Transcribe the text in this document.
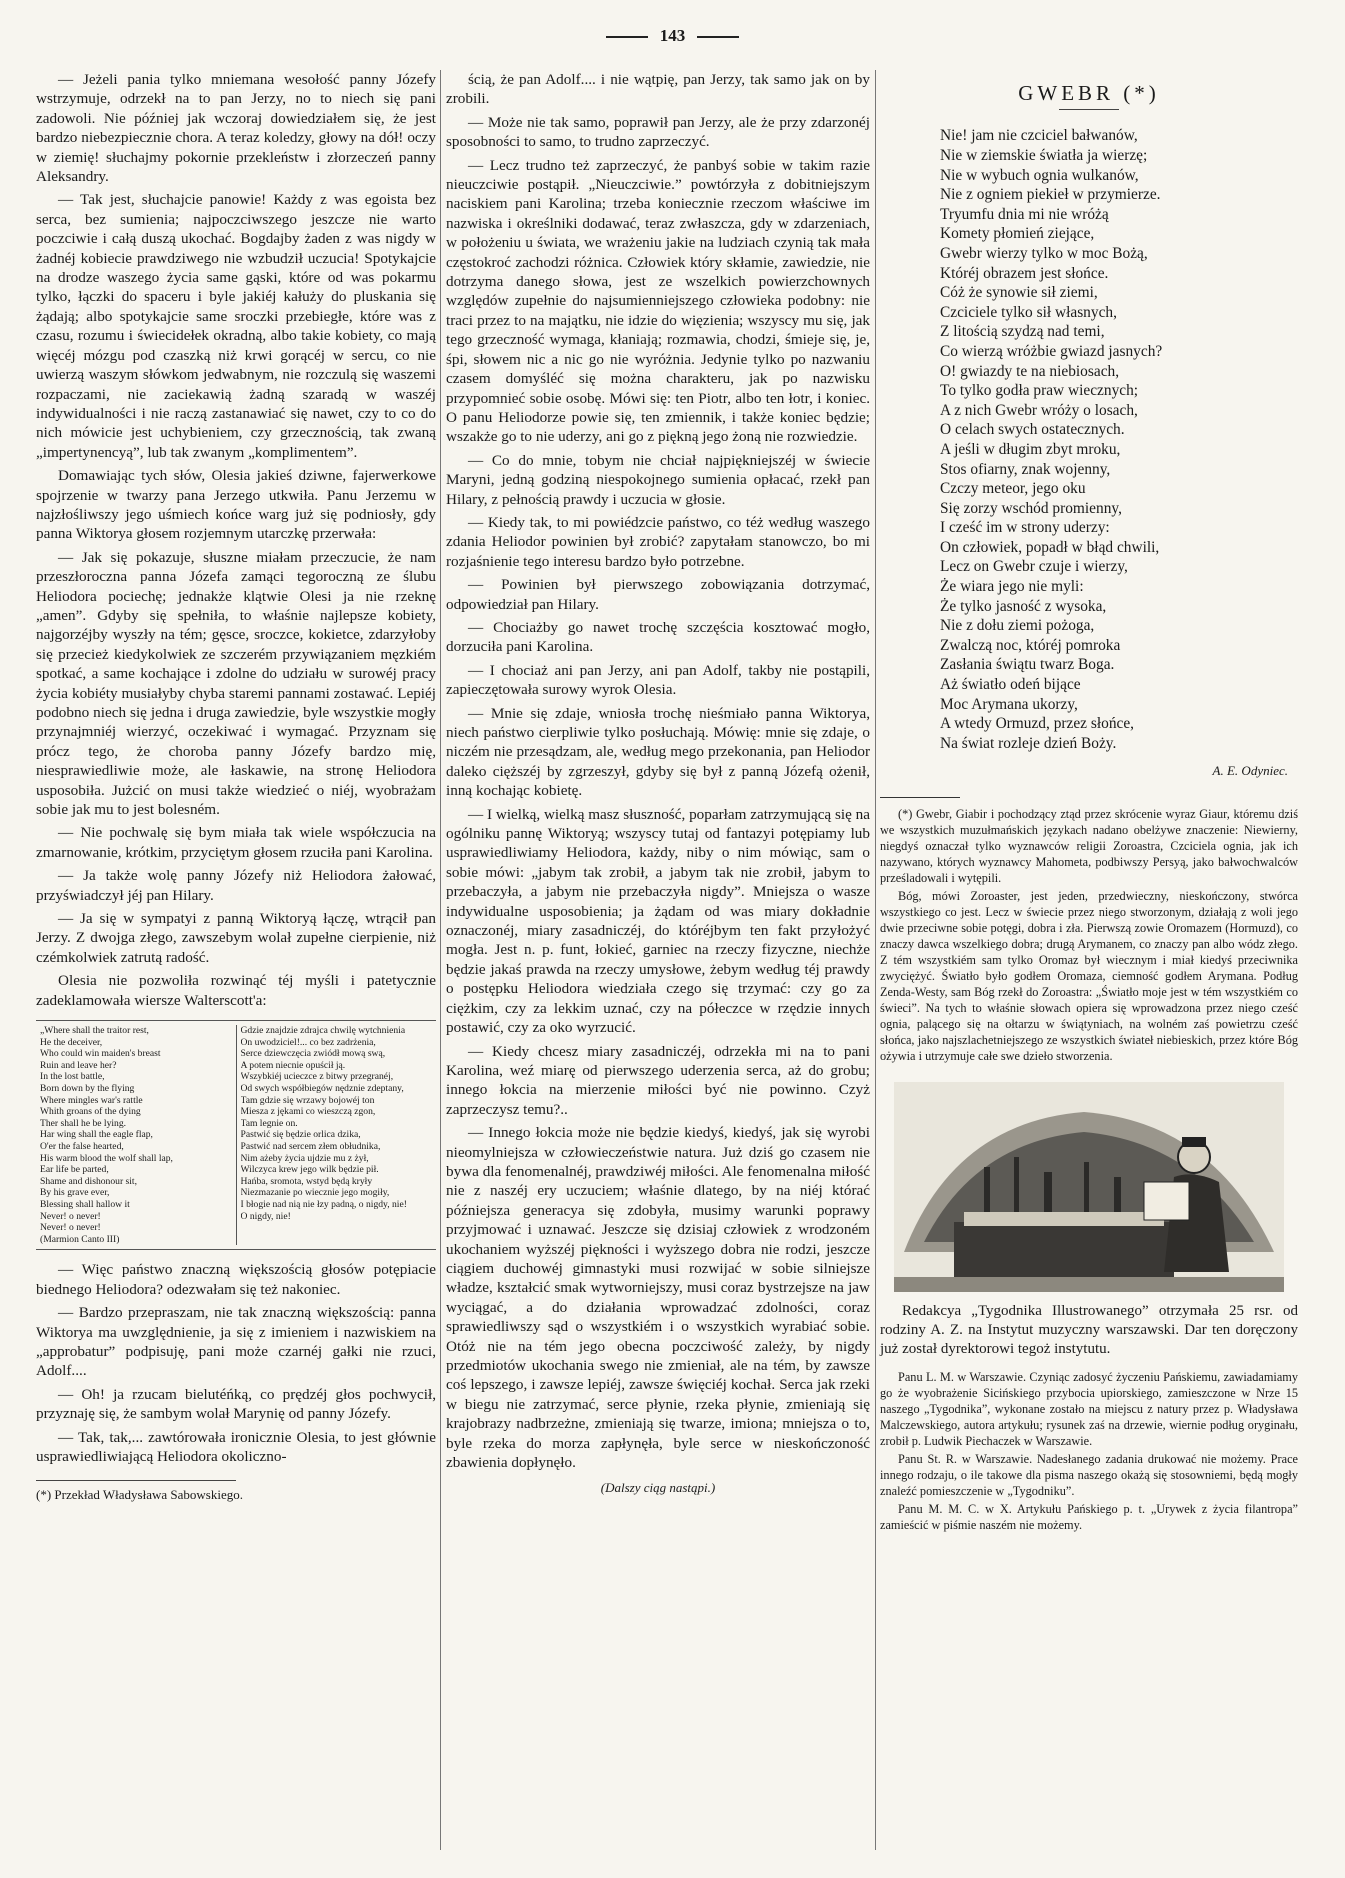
143

— Jeżeli pania tylko mniemana wesołość panny Józefy wstrzymuje, odrzekł na to pan Jerzy, no to niech się pani zadowoli. Nie później jak wczoraj dowiedziałem się, że jest bardzo niebezpiecznie chora. A teraz koledzy, głowy na dół! oczy w ziemię! słuchajmy pokornie przekleństw i złorzeczeń panny Aleksandry.

— Tak jest, słuchajcie panowie! Każdy z was egoista bez serca, bez sumienia; najpoczciwszego jeszcze nie warto poczciwie i całą duszą ukochać. Bogdajby żaden z was nigdy w żadnéj kobiecie prawdziwego nie wzbudził uczucia! Spotykajcie na drodze waszego życia same gąski, które od was pokarmu tylko, łączki do spaceru i byle jakiéj kałuży do pluskania się żądają; albo spotykajcie same sroczki przebiegłe, które was z czasu, rozumu i świecidełek okradną, albo takie kobiety, co mają więcéj mózgu pod czaszką niż krwi gorącéj w sercu, co nie uwierzą waszym słówkom jedwabnym, nie rozczulą się waszemi rozpaczami, nie zaciekawią żadną szaradą w waszéj indywidualności i nie raczą zastanawiać się nawet, czy to co do nich mówicie jest uchybieniem, czy grzecznością, tak zwaną „impertynencyą”, lub tak zwanym „komplimentem”.

Domawiając tych słów, Olesia jakieś dziwne, fajerwerkowe spojrzenie w twarzy pana Jerzego utkwiła. Panu Jerzemu w najzłośliwszy jego uśmiech końce warg już się podniosły, gdy panna Wiktorya głosem rozjemnym utarczkę przerwała:

— Jak się pokazuje, słuszne miałam przeczucie, że nam przeszłoroczna panna Józefa zamąci tegoroczną ze ślubu Heliodora pociechę; jednakże klątwie Olesi ja nie rzeknę „amen”. Gdyby się spełniła, to właśnie najlepsze kobiety, najgorzéjby wyszły na tém; gęsce, sroczce, kokietce, zdarzyłoby się przecież kiedykolwiek ze szczerém przywiązaniem męzkiém spotkać, a same kochające i zdolne do udziału w surowéj pracy życia kobiéty musiałyby chyba staremi pannami zostawać. Lepiéj podobno niech się jedna i druga zawiedzie, byle wszystkie mogły przynajmniéj wierzyć, oczekiwać i wymagać. Przyznam się prócz tego, że choroba panny Józefy bardzo mię, niesprawiedliwie może, ale łaskawie, na stronę Heliodora usposobiła. Jużcić on musi także wiedzieć o niéj, wyobrażam sobie jak mu to jest bolesném.

— Nie pochwalę się bym miała tak wiele współczucia na zmarnowanie, krótkim, przyciętym głosem rzuciła pani Karolina.

— Ja także wolę panny Józefy niż Heliodora żałować, przyświadczył jéj pan Hilary.

— Ja się w sympatyi z panną Wiktoryą łączę, wtrącił pan Jerzy. Z dwojga złego, zawszebym wolał zupełne cierpienie, niż czémkolwiek zatrutą radość.

Olesia nie pozwoliła rozwinąć téj myśli i patetycznie zadeklamowała wiersze Walterscott'a:

„Where shall the traitor rest,
He the deceiver,
Who could win maiden's breast
Ruin and leave her?
In the lost battle,
Born down by the flying
Where mingles war's rattle
Whith groans of the dying
Ther shall he be lying.
Har wing shall the eagle flap,
O'er the false hearted,
His warm blood the wolf shall lap,
Ear life be parted,
Shame and dishonour sit,
By his grave ever,
Blessing shall hallow it
Never! o never!
Never! o never!
(Marmion Canto III)
Gdzie znajdzie zdrajca chwilę wytchnienia
On uwodziciel!... co bez zadrżenia,
Serce dziewczęcia zwiódł mową swą,
A potem niecnie opuścił ją.
Wszybkiéj ucieczce z bitwy przegranéj,
Od swych współbiegów nędznie zdeptany,
Tam gdzie się wrzawy bojowéj ton
Miesza z jękami co wieszczą zgon,
Tam legnie on.
Pastwić się będzie orlica dzika,
Pastwić nad sercem złem obłudnika,
Nim ażeby życia ujdzie mu z żył,
Wilczyca krew jego wilk będzie pił.
Hańba, sromota, wstyd będą kryły
Niezmazanie po wiecznie jego mogiły,
I błogie nad nią nie łzy padną, o nigdy, nie!
O nigdy, nie!

— Więc państwo znaczną większością głosów potępiacie biednego Heliodora? odezwałam się też nakoniec.

— Bardzo przepraszam, nie tak znaczną większością: panna Wiktorya ma uwzględnienie, ja się z imieniem i nazwiskiem na „approbatur” podpisuję, pani może czarnéj gałki nie rzuci, Adolf....

— Oh! ja rzucam bielutéńką, co prędzéj głos pochwycił, przyznaję się, że sambym wolał Marynię od panny Józefy.

— Tak, tak,... zawtórowała ironicznie Olesia, to jest głównie usprawiedliwiającą Heliodora okoliczno-

(*) Przekład Władysława Sabowskiego.

ścią, że pan Adolf.... i nie wątpię, pan Jerzy, tak samo jak on by zrobili.

— Może nie tak samo, poprawił pan Jerzy, ale że przy zdarzonéj sposobności to samo, to trudno zaprzeczyć.

— Lecz trudno też zaprzeczyć, że panbyś sobie w takim razie nieuczciwie postąpił. „Nieuczciwie.” powtórzyła z dobitniejszym naciskiem pani Karolina; trzeba koniecznie rzeczom właściwe im nazwiska i określniki dodawać, teraz zwłaszcza, gdy w zdarzeniach, w położeniu u świata, we wrażeniu jakie na ludziach czynią tak mała częstokroć zachodzi różnica. Człowiek który skłamie, zawiedzie, nie dotrzyma danego słowa, jest ze wszelkich powierzchownych względów zupełnie do najsumienniejszego człowieka podobny: nie traci przez to na majątku, nie idzie do więzienia; wszyscy mu się, jak tego grzeczność wymaga, kłaniają; rozmawia, chodzi, śmieje się, je, śpi, słowem nic a nic go nie wyróżnia. Jedynie tylko po nazwaniu czasem domyśléć się można charakteru, jak po nazwisku przypomnieć sobie osobę. Mówi się: ten Piotr, albo ten łotr, i koniec. O panu Heliodorze powie się, ten zmiennik, i także koniec będzie; wszakże go to nie uderzy, ani go z piękną jego żoną nie rozwiedzie.

— Co do mnie, tobym nie chciał najpiękniejszéj w świecie Maryni, jedną godziną niespokojnego sumienia opłacać, rzekł pan Hilary, z pełnością prawdy i uczucia w głosie.

— Kiedy tak, to mi powiédzcie państwo, co téż według waszego zdania Heliodor powinien był zrobić? zapytałam stanowczo, bo mi rozjaśnienie tego interesu bardzo było potrzebne.

— Powinien był pierwszego zobowiązania dotrzymać, odpowiedział pan Hilary.

— Chociażby go nawet trochę szczęścia kosztować mogło, dorzuciła pani Karolina.

— I chociaż ani pan Jerzy, ani pan Adolf, takby nie postąpili, zapieczętowała surowy wyrok Olesia.

— Mnie się zdaje, wniosła trochę nieśmiało panna Wiktorya, niech państwo cierpliwie tylko posłuchają. Mówię: mnie się zdaje, o niczém nie przesądzam, ale, według mego przekonania, pan Heliodor daleko cięższéj by zgrzeszył, gdyby się był z panną Józefą ożenił, inną kochając kobietę.

— I wielką, wielką masz słuszność, poparłam zatrzymującą się na ogólniku pannę Wiktoryą; wszyscy tutaj od fantazyi potępiamy lub usprawiedliwiamy Heliodora, każdy, niby o nim mówiąc, sam o sobie mówi: „jabym tak zrobił, a jabym tak nie zrobił, jabym to przebaczyła, a jabym nie przebaczyła nigdy”. Mniejsza o wasze indywidualne usposobienia; ja żądam od was miary dokładnie oznaczonéj, miary zasadniczéj, do któréjbym ten fakt przyłożyć mogła. Jest n. p. funt, łokieć, garniec na rzeczy fizyczne, niechże będzie jakaś prawda na rzeczy umysłowe, żebym według téj prawdy o postępku Heliodora wiedziała czego się trzymać: czy go za ciężkim, czy za lekkim uznać, czy na półeczce w rzędzie innych postawić, czy za oko wyrzucić.

— Kiedy chcesz miary zasadniczéj, odrzekła mi na to pani Karolina, weź miarę od pierwszego uderzenia serca, aż do grobu; innego łokcia na mierzenie miłości być nie powinno. Czyż zaprzeczysz temu?..

— Innego łokcia może nie będzie kiedyś, kiedyś, jak się wyrobi nieomylniejsza w człowieczeństwie natura. Już dziś go czasem nie bywa dla fenomenalnéj, prawdziwéj miłości. Ale fenomenalna miłość nie z naszéj ery uczuciem; właśnie dlatego, by na niéj którać późniejsza generacya się zdobyła, musimy warunki poprawy przyjmować i uznawać. Jeszcze się dzisiaj człowiek z wrodzoném ukochaniem wyższéj piękności i wyższego dobra nie rodzi, jeszcze ciągiem duchowéj gimnastyki musi rozwijać w sobie silniejsze władze, kształcić smak wytworniejszy, musi coraz bystrzejsze na jaw wyciągać, a do działania wprowadzać zdolności, coraz sprawiedliwszy sąd o wszystkiém i o wszystkich wyrabiać sobie. Otóż nie na tém jego obecna poczciwość zależy, by nigdy przedmiotów ukochania swego nie zmieniał, ale na tém, by zawsze coś lepszego, i zawsze lepiéj, zawsze święciéj kochał. Serca jak rzeki w biegu nie zatrzymać, serce płynie, rzeka płynie, zmieniają się krajobrazy nadbrzeżne, zmieniają się twarze, imiona; mniejsza o to, byle rzeka do morza zapłynęła, byle serce w nieskończoność zbawienia dopłynęło.

(Dalszy ciąg nastąpi.)
GWEBR (*)
Nie! jam nie czciciel bałwanów,
Nie w ziemskie światła ja wierzę;
Nie w wybuch ognia wulkanów,
Nie z ogniem piekieł w przymierze.
Tryumfu dnia mi nie wróżą
Komety płomień ziejące,
Gwebr wierzy tylko w moc Bożą,
Któréj obrazem jest słońce.
Cóż że synowie sił ziemi,
Czciciele tylko sił własnych,
Z litością szydzą nad temi,
Co wierzą wróżbie gwiazd jasnych?
O! gwiazdy te na niebiosach,
To tylko godła praw wiecznych;
A z nich Gwebr wróży o losach,
O celach swych ostatecznych.
A jeśli w długim zbyt mroku,
Stos ofiarny, znak wojenny,
Czczy meteor, jego oku
Się zorzy wschód promienny,
I cześć im w strony uderzy:
On człowiek, popadł w błąd chwili,
Lecz on Gwebr czuje i wierzy,
Że wiara jego nie myli:
Że tylko jasność z wysoka,
Nie z dołu ziemi pożoga,
Zwalczą noc, któréj pomroka
Zasłania świątu twarz Boga.
Aż światło odeń bijące
Moc Arymana ukorzy,
A wtedy Ormuzd, przez słońce,
Na świat rozleje dzień Boży.
A. E. Odyniec.

(*) Gwebr, Giabir i pochodzący ztąd przez skrócenie wyraz Giaur, któremu dziś we wszystkich muzułmańskich językach nadano obelżywe znaczenie: Niewierny, niegdyś oznaczał tylko wyznawców religii Zoroastra, Czciciela ognia, jak ich nazywano, których wyznawcy Mahometa, podbiwszy Persyą, jako bałwochwalców prześladowali i wytępili.

Bóg, mówi Zoroaster, jest jeden, przedwieczny, nieskończony, stwórca wszystkiego co jest. Lecz w świecie przez niego stworzonym, działają z woli jego dwie przeciwne sobie potęgi, dobra i zła. Pierwszą zowie Oromazem (Hormuzd), co znaczy dawca wszelkiego dobra; drugą Arymanem, co znaczy pan albo wódz złego. Z tém wszystkiém sam tylko Oromaz był wiecznym i miał kiedyś przeciwnika zwyciężyć. Światło było godłem Oromaza, ciemność godłem Arymana. Podług Zenda-Westy, sam Bóg rzekł do Zoroastra: „Światło moje jest w tém wszystkiém co świeci”. Na tych to właśnie słowach opiera się wprowadzona przez niego cześć ognia, palącego się na ołtarzu w świątyniach, na wolném zaś powietrzu cześć słońca, jako najszlachetniejszego ze wszystkich świateł niebieskich, przez które Bóg ożywia i utrzymuje całe swe dzieło stworzenia.

Redakcya „Tygodnika Illustrowanego” otrzymała 25 rsr. od rodziny A. Z. na Instytut muzyczny warszawski. Dar ten doręczony już został dyrektorowi tegoż instytutu.

Panu L. M. w Warszawie. Czyniąc zadosyć życzeniu Pańskiemu, zawiadamiamy go że wyobrażenie Sicińskiego przybocia upiorskiego, zamieszczone w Nrze 15 naszego „Tygodnika”, wykonane zostało na miejscu z natury przez p. Władysława Malczewskiego, autora artykułu; rysunek zaś na drzewie, wiernie podług oryginału, zrobił p. Ludwik Piechaczek w Warszawie.

Panu St. R. w Warszawie. Nadesłanego zadania drukować nie możemy. Prace innego rodzaju, o ile takowe dla pisma naszego okażą się stosowniemi, będą mogły znaleźć pomieszczenie w „Tygodniku”.

Panu M. M. C. w X. Artykułu Pańskiego p. t. „Urywek z życia filantropa” zamieścić w piśmie naszém nie możemy.
